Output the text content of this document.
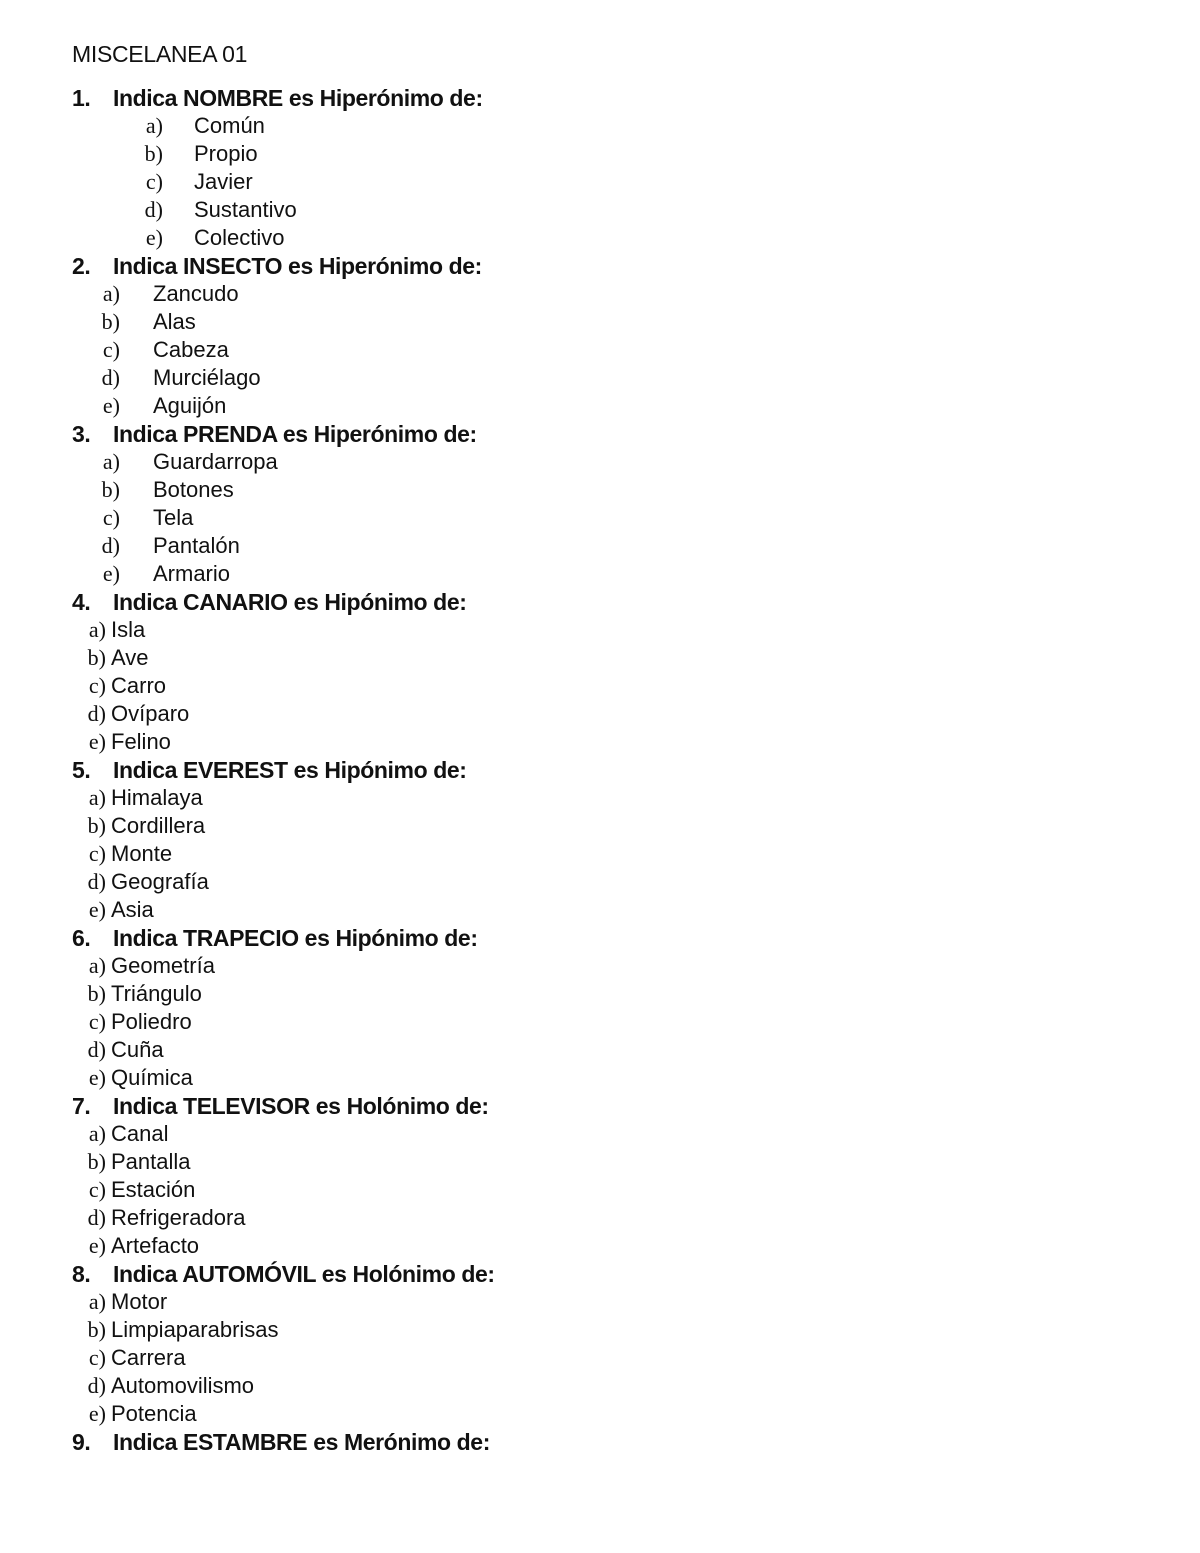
MISCELANEA 01
1. Indica NOMBRE es Hiperónimo de:
a)	Común
b)	Propio
c)	Javier
d)	Sustantivo
e)	Colectivo
2. Indica INSECTO es Hiperónimo de:
a)	Zancudo
b)	Alas
c)	Cabeza
d)	Murciélago
e)	Aguijón
3. Indica PRENDA es Hiperónimo de:
a)	Guardarropa
b)	Botones
c)	Tela
d)	Pantalón
e)	Armario
4. Indica CANARIO es Hipónimo de:
a) Isla
b) Ave
c) Carro
d) Ovíparo
e) Felino
5. Indica EVEREST es Hipónimo de:
a) Himalaya
b) Cordillera
c) Monte
d) Geografía
e) Asia
6. Indica TRAPECIO es Hipónimo de:
a) Geometría
b) Triángulo
c) Poliedro
d) Cuña
e) Química
7. Indica TELEVISOR es Holónimo de:
a) Canal
b) Pantalla
c) Estación
d) Refrigeradora
e) Artefacto
8. Indica AUTOMÓVIL es Holónimo de:
a) Motor
b) Limpiaparabrisas
c) Carrera
d) Automovilismo
e) Potencia
9. Indica ESTAMBRE es Merónimo de:
